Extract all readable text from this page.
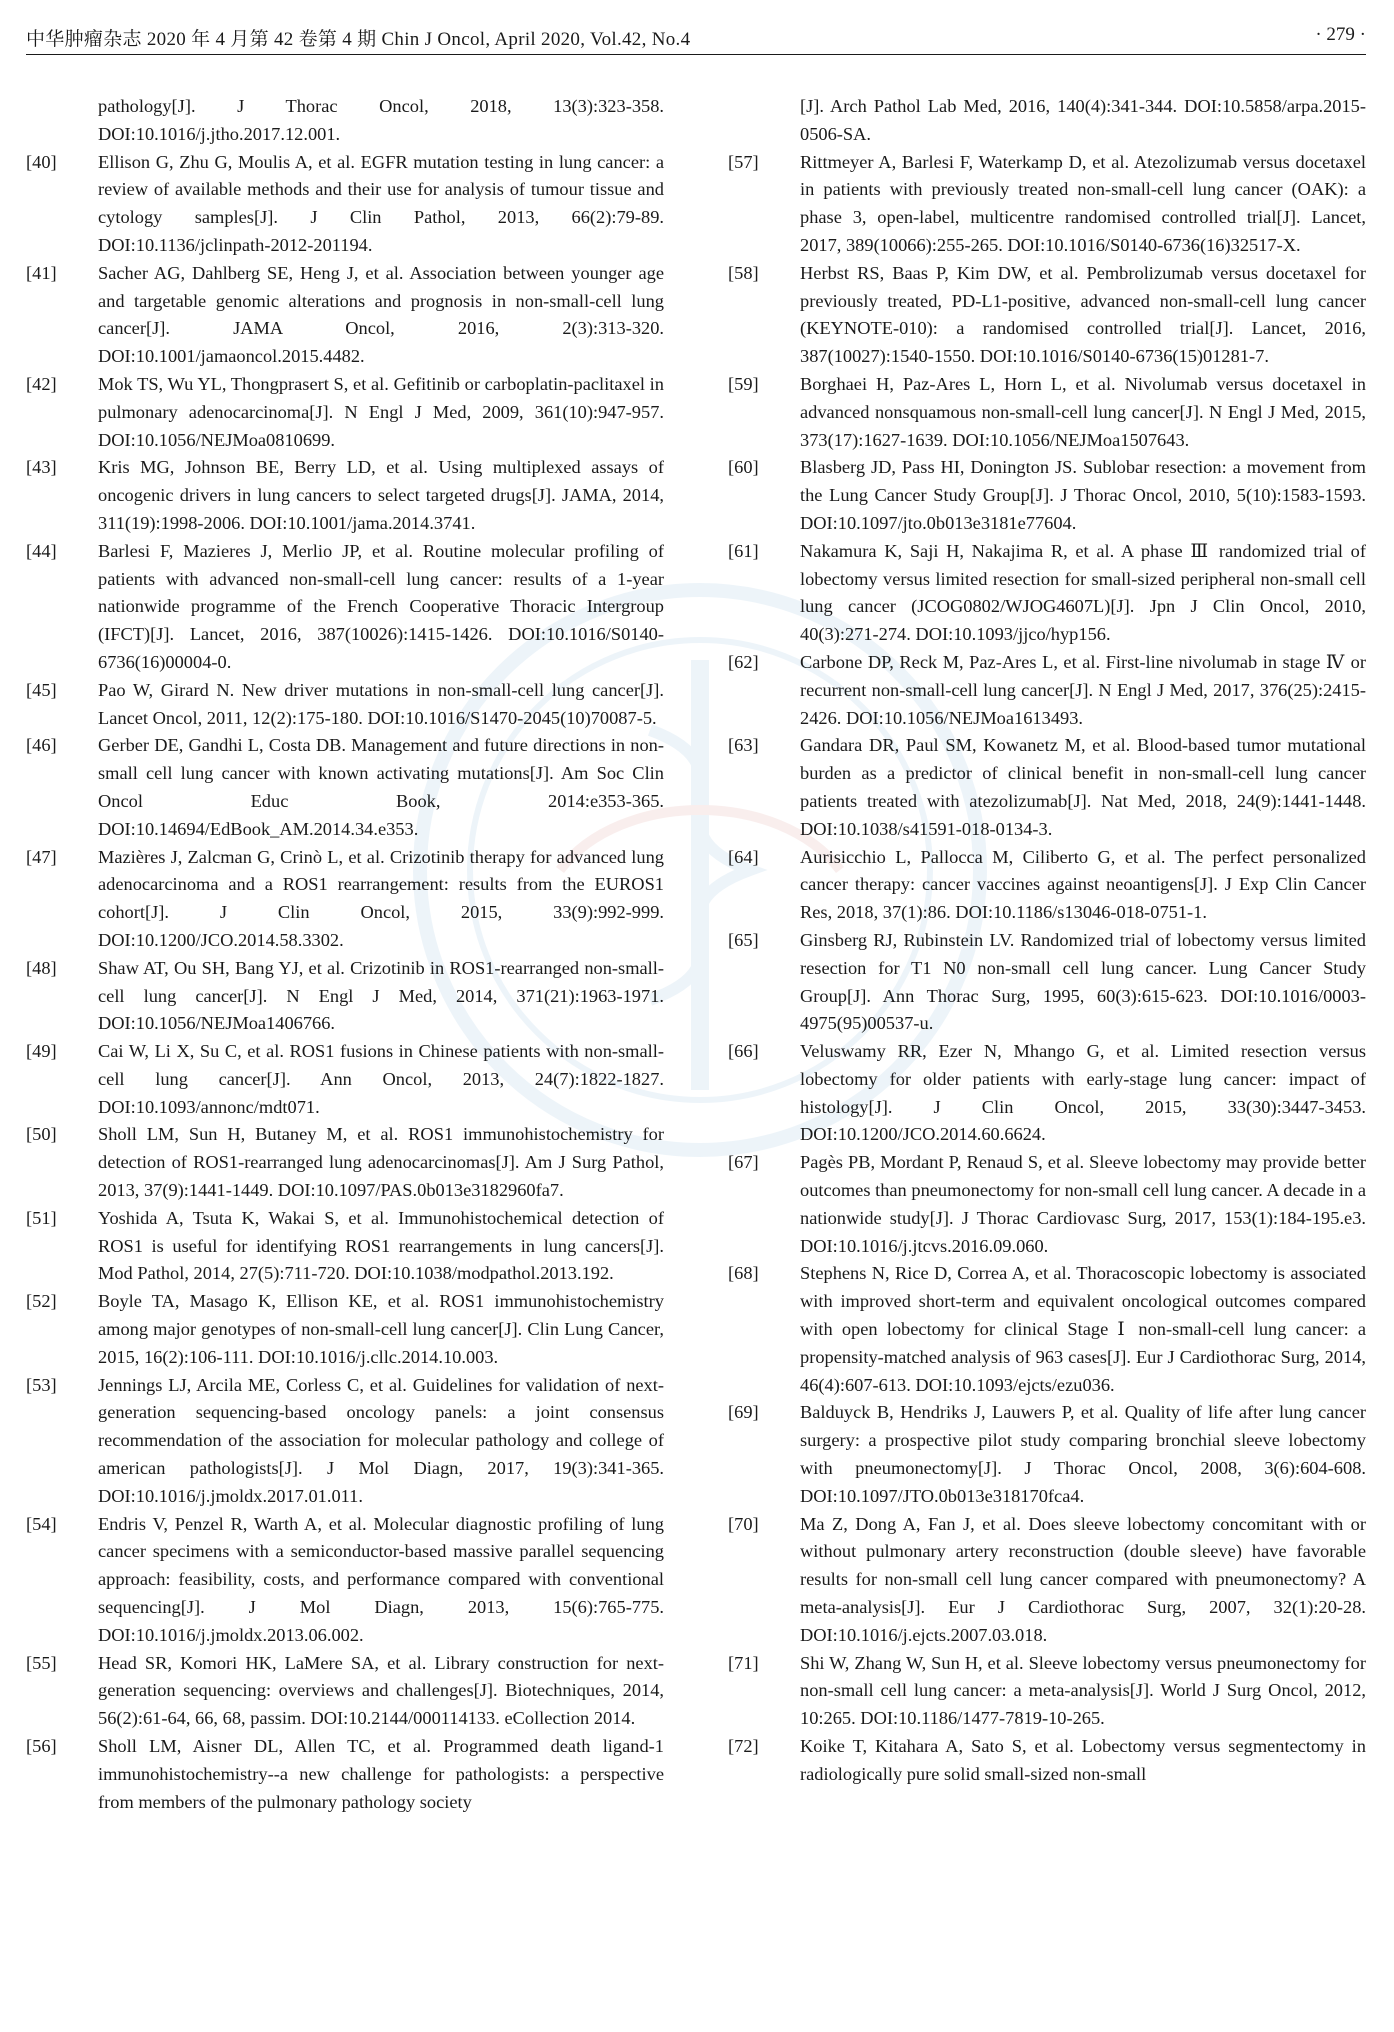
中华肿瘤杂志 2020 年 4 月第 42 卷第 4 期 Chin J Oncol, April 2020, Vol.42, No.4	· 279 ·
pathology[J]. J Thorac Oncol, 2018, 13(3):323-358. DOI:10.1016/j.jtho.2017.12.001.
[40]	Ellison G, Zhu G, Moulis A, et al. EGFR mutation testing in lung cancer: a review of available methods and their use for analysis of tumour tissue and cytology samples[J]. J Clin Pathol, 2013, 66(2):79-89. DOI:10.1136/jclinpath-2012-201194.
[41]	Sacher AG, Dahlberg SE, Heng J, et al. Association between younger age and targetable genomic alterations and prognosis in non-small-cell lung cancer[J]. JAMA Oncol, 2016, 2(3):313-320. DOI:10.1001/jamaoncol.2015.4482.
[42]	Mok TS, Wu YL, Thongprasert S, et al. Gefitinib or carboplatin-paclitaxel in pulmonary adenocarcinoma[J]. N Engl J Med, 2009, 361(10):947-957. DOI:10.1056/NEJMoa0810699.
[43]	Kris MG, Johnson BE, Berry LD, et al. Using multiplexed assays of oncogenic drivers in lung cancers to select targeted drugs[J]. JAMA, 2014, 311(19):1998-2006. DOI:10.1001/jama.2014.3741.
[44]	Barlesi F, Mazieres J, Merlio JP, et al. Routine molecular profiling of patients with advanced non-small-cell lung cancer: results of a 1-year nationwide programme of the French Cooperative Thoracic Intergroup (IFCT)[J]. Lancet, 2016, 387(10026):1415-1426. DOI:10.1016/S0140-6736(16)00004-0.
[45]	Pao W, Girard N. New driver mutations in non-small-cell lung cancer[J]. Lancet Oncol, 2011, 12(2):175-180. DOI:10.1016/S1470-2045(10)70087-5.
[46]	Gerber DE, Gandhi L, Costa DB. Management and future directions in non-small cell lung cancer with known activating mutations[J]. Am Soc Clin Oncol Educ Book, 2014:e353-365. DOI:10.14694/EdBook_AM.2014.34.e353.
[47]	Mazières J, Zalcman G, Crinò L, et al. Crizotinib therapy for advanced lung adenocarcinoma and a ROS1 rearrangement: results from the EUROS1 cohort[J]. J Clin Oncol, 2015, 33(9):992-999. DOI:10.1200/JCO.2014.58.3302.
[48]	Shaw AT, Ou SH, Bang YJ, et al. Crizotinib in ROS1-rearranged non-small-cell lung cancer[J]. N Engl J Med, 2014, 371(21):1963-1971. DOI:10.1056/NEJMoa1406766.
[49]	Cai W, Li X, Su C, et al. ROS1 fusions in Chinese patients with non-small-cell lung cancer[J]. Ann Oncol, 2013, 24(7):1822-1827. DOI:10.1093/annonc/mdt071.
[50]	Sholl LM, Sun H, Butaney M, et al. ROS1 immunohistochemistry for detection of ROS1-rearranged lung adenocarcinomas[J]. Am J Surg Pathol, 2013, 37(9):1441-1449. DOI:10.1097/PAS.0b013e3182960fa7.
[51]	Yoshida A, Tsuta K, Wakai S, et al. Immunohistochemical detection of ROS1 is useful for identifying ROS1 rearrangements in lung cancers[J]. Mod Pathol, 2014, 27(5):711-720. DOI:10.1038/modpathol.2013.192.
[52]	Boyle TA, Masago K, Ellison KE, et al. ROS1 immunohistochemistry among major genotypes of non-small-cell lung cancer[J]. Clin Lung Cancer, 2015, 16(2):106-111. DOI:10.1016/j.cllc.2014.10.003.
[53]	Jennings LJ, Arcila ME, Corless C, et al. Guidelines for validation of next-generation sequencing-based oncology panels: a joint consensus recommendation of the association for molecular pathology and college of american pathologists[J]. J Mol Diagn, 2017, 19(3):341-365. DOI:10.1016/j.jmoldx.2017.01.011.
[54]	Endris V, Penzel R, Warth A, et al. Molecular diagnostic profiling of lung cancer specimens with a semiconductor-based massive parallel sequencing approach: feasibility, costs, and performance compared with conventional sequencing[J]. J Mol Diagn, 2013, 15(6):765-775. DOI:10.1016/j.jmoldx.2013.06.002.
[55]	Head SR, Komori HK, LaMere SA, et al. Library construction for next-generation sequencing: overviews and challenges[J]. Biotechniques, 2014, 56(2):61-64, 66, 68, passim. DOI:10.2144/000114133. eCollection 2014.
[56]	Sholl LM, Aisner DL, Allen TC, et al. Programmed death ligand-1 immunohistochemistry--a new challenge for pathologists: a perspective from members of the pulmonary pathology society
[J]. Arch Pathol Lab Med, 2016, 140(4):341-344. DOI:10.5858/arpa.2015-0506-SA.
[57]	Rittmeyer A, Barlesi F, Waterkamp D, et al. Atezolizumab versus docetaxel in patients with previously treated non-small-cell lung cancer (OAK): a phase 3, open-label, multicentre randomised controlled trial[J]. Lancet, 2017, 389(10066):255-265. DOI:10.1016/S0140-6736(16)32517-X.
[58]	Herbst RS, Baas P, Kim DW, et al. Pembrolizumab versus docetaxel for previously treated, PD-L1-positive, advanced non-small-cell lung cancer (KEYNOTE-010): a randomised controlled trial[J]. Lancet, 2016, 387(10027):1540-1550. DOI:10.1016/S0140-6736(15)01281-7.
[59]	Borghaei H, Paz-Ares L, Horn L, et al. Nivolumab versus docetaxel in advanced nonsquamous non-small-cell lung cancer[J]. N Engl J Med, 2015, 373(17):1627-1639. DOI:10.1056/NEJMoa1507643.
[60]	Blasberg JD, Pass HI, Donington JS. Sublobar resection: a movement from the Lung Cancer Study Group[J]. J Thorac Oncol, 2010, 5(10):1583-1593. DOI:10.1097/jto.0b013e3181e77604.
[61]	Nakamura K, Saji H, Nakajima R, et al. A phase Ⅲ randomized trial of lobectomy versus limited resection for small-sized peripheral non-small cell lung cancer (JCOG0802/WJOG4607L)[J]. Jpn J Clin Oncol, 2010, 40(3):271-274. DOI:10.1093/jjco/hyp156.
[62]	Carbone DP, Reck M, Paz-Ares L, et al. First-line nivolumab in stage Ⅳ or recurrent non-small-cell lung cancer[J]. N Engl J Med, 2017, 376(25):2415-2426. DOI:10.1056/NEJMoa1613493.
[63]	Gandara DR, Paul SM, Kowanetz M, et al. Blood-based tumor mutational burden as a predictor of clinical benefit in non-small-cell lung cancer patients treated with atezolizumab[J]. Nat Med, 2018, 24(9):1441-1448. DOI:10.1038/s41591-018-0134-3.
[64]	Aurisicchio L, Pallocca M, Ciliberto G, et al. The perfect personalized cancer therapy: cancer vaccines against neoantigens[J]. J Exp Clin Cancer Res, 2018, 37(1):86. DOI:10.1186/s13046-018-0751-1.
[65]	Ginsberg RJ, Rubinstein LV. Randomized trial of lobectomy versus limited resection for T1 N0 non-small cell lung cancer. Lung Cancer Study Group[J]. Ann Thorac Surg, 1995, 60(3):615-623. DOI:10.1016/0003-4975(95)00537-u.
[66]	Veluswamy RR, Ezer N, Mhango G, et al. Limited resection versus lobectomy for older patients with early-stage lung cancer: impact of histology[J]. J Clin Oncol, 2015, 33(30):3447-3453. DOI:10.1200/JCO.2014.60.6624.
[67]	Pagès PB, Mordant P, Renaud S, et al. Sleeve lobectomy may provide better outcomes than pneumonectomy for non-small cell lung cancer. A decade in a nationwide study[J]. J Thorac Cardiovasc Surg, 2017, 153(1):184-195.e3. DOI:10.1016/j.jtcvs.2016.09.060.
[68]	Stephens N, Rice D, Correa A, et al. Thoracoscopic lobectomy is associated with improved short-term and equivalent oncological outcomes compared with open lobectomy for clinical Stage Ⅰ non-small-cell lung cancer: a propensity-matched analysis of 963 cases[J]. Eur J Cardiothorac Surg, 2014, 46(4):607-613. DOI:10.1093/ejcts/ezu036.
[69]	Balduyck B, Hendriks J, Lauwers P, et al. Quality of life after lung cancer surgery: a prospective pilot study comparing bronchial sleeve lobectomy with pneumonectomy[J]. J Thorac Oncol, 2008, 3(6):604-608. DOI:10.1097/JTO.0b013e318170fca4.
[70]	Ma Z, Dong A, Fan J, et al. Does sleeve lobectomy concomitant with or without pulmonary artery reconstruction (double sleeve) have favorable results for non-small cell lung cancer compared with pneumonectomy? A meta-analysis[J]. Eur J Cardiothorac Surg, 2007, 32(1):20-28. DOI:10.1016/j.ejcts.2007.03.018.
[71]	Shi W, Zhang W, Sun H, et al. Sleeve lobectomy versus pneumonectomy for non-small cell lung cancer: a meta-analysis[J]. World J Surg Oncol, 2012, 10:265. DOI:10.1186/1477-7819-10-265.
[72]	Koike T, Kitahara A, Sato S, et al. Lobectomy versus segmentectomy in radiologically pure solid small-sized non-small
